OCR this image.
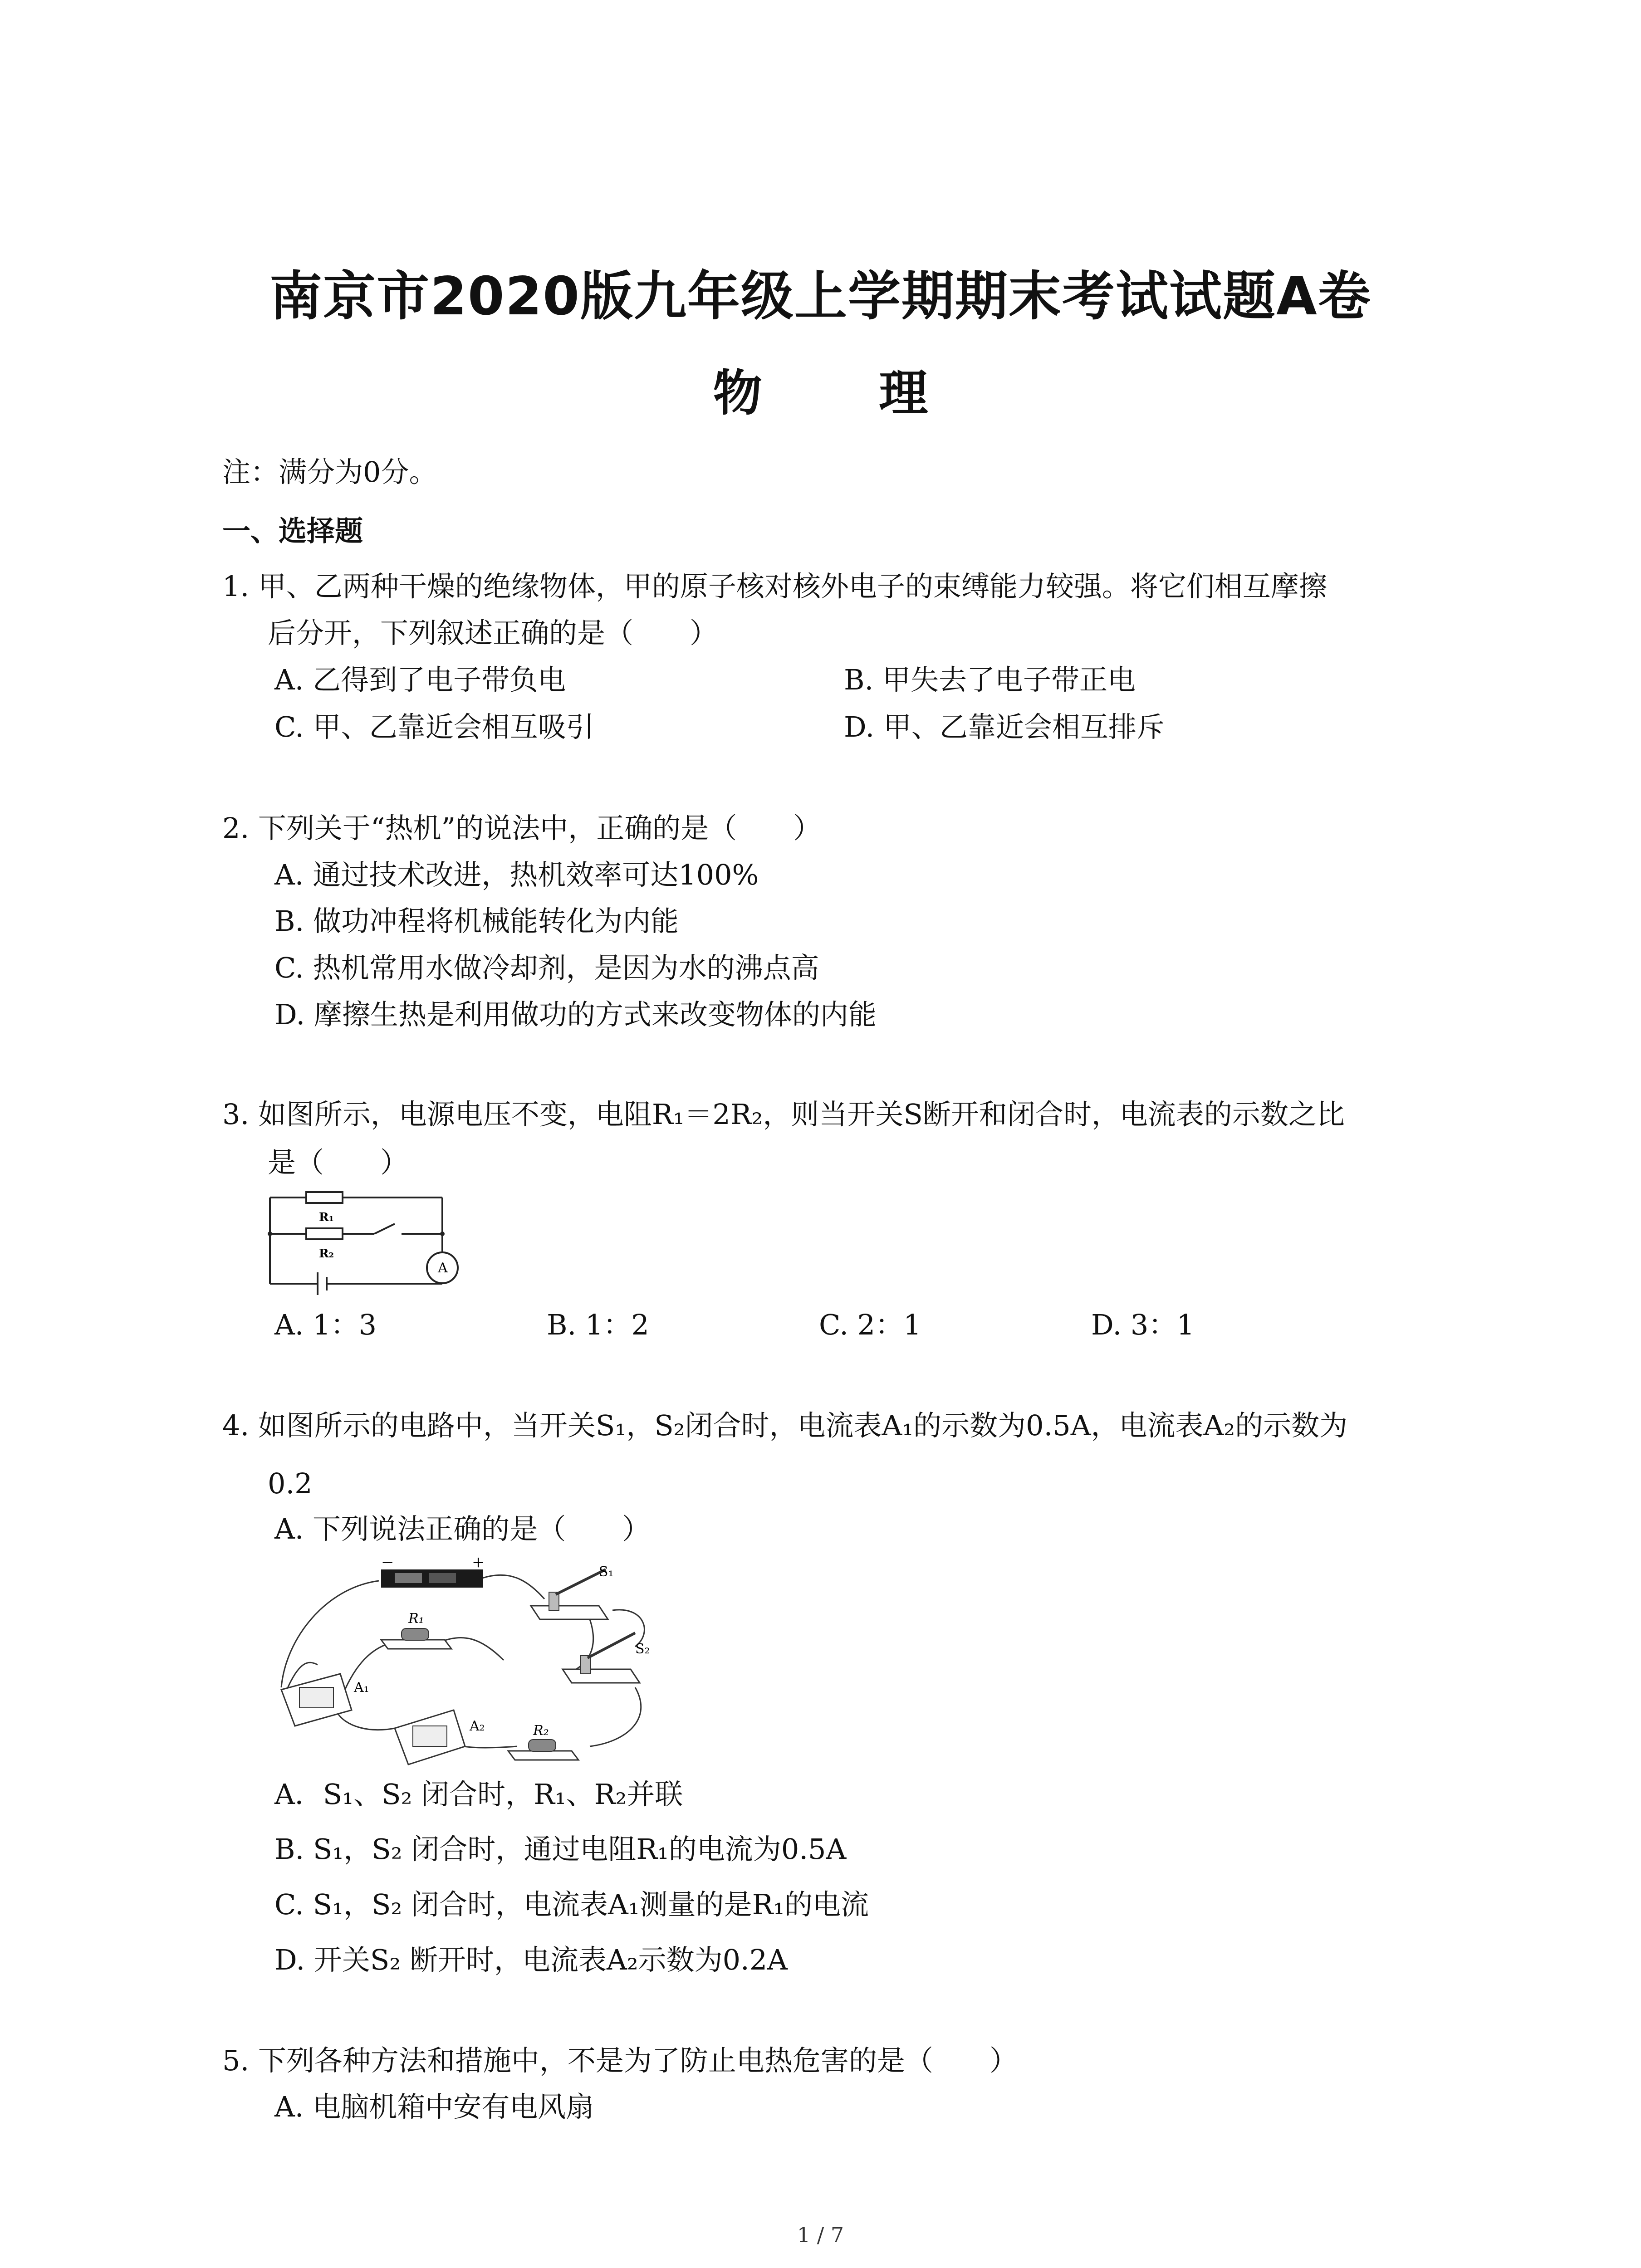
南京市2020版九年级上学期期末考试试题A卷
物 理
注：满分为0分。
一、选择题
1. 甲、乙两种干燥的绝缘物体，甲的原子核对核外电子的束缚能力较强。将它们相互摩擦
后分开，下列叙述正确的是（　　）
A. 乙得到了电子带负电	B. 甲失去了电子带正电
C. 甲、乙靠近会相互吸引	D. 甲、乙靠近会相互排斥
2. 下列关于“热机”的说法中，正确的是（　　）
A. 通过技术改进，热机效率可达100%
B. 做功冲程将机械能转化为内能
C. 热机常用水做冷却剂，是因为水的沸点高
D. 摩擦生热是利用做功的方式来改变物体的内能
3. 如图所示，电源电压不变，电阻R₁＝2R₂，则当开关S断开和闭合时，电流表的示数之比
是（　　）
R₁
R₂
A
A. 1：3	B. 1：2	C. 2：1	D. 3：1
4. 如图所示的电路中，当开关S₁，S₂闭合时，电流表A₁的示数为0.5A，电流表A₂的示数为
0.2
A. 下列说法正确的是（　　）
−	+
S₁
R₁
S₂
A₁
A₂	R₂
A．S₁、S₂ 闭合时，R₁、R₂并联
B. S₁，S₂ 闭合时，通过电阻R₁的电流为0.5A
C. S₁，S₂ 闭合时，电流表A₁测量的是R₁的电流
D. 开关S₂ 断开时，电流表A₂示数为0.2A
5. 下列各种方法和措施中，不是为了防止电热危害的是（　　）
A. 电脑机箱中安有电风扇
1 / 7
